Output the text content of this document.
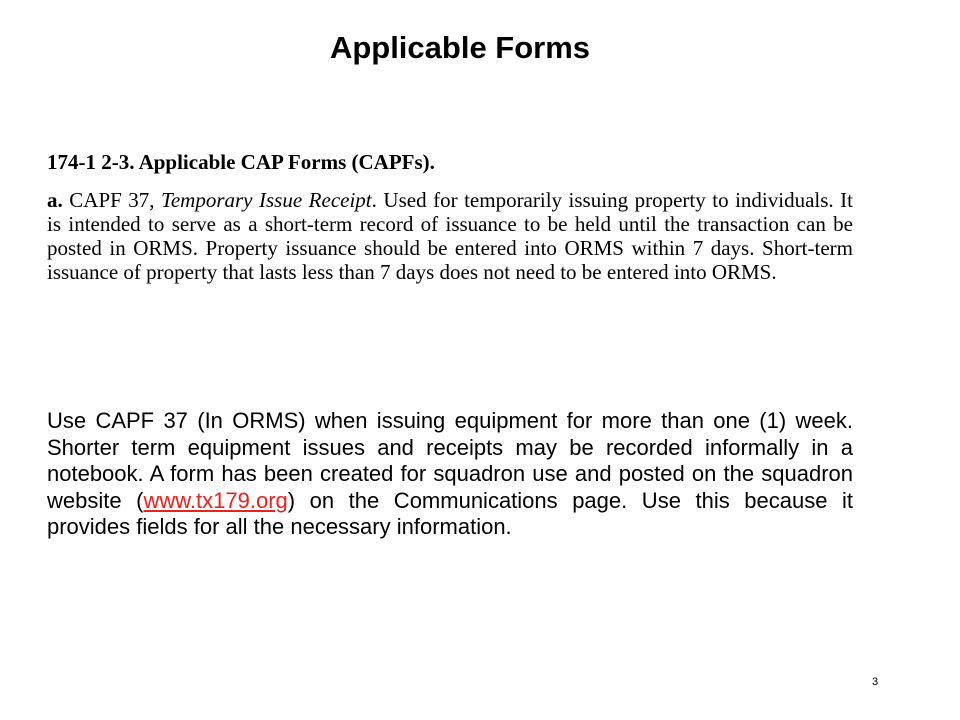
Applicable Forms

174-1 2-3. Applicable CAP Forms (CAPFs).

a. CAPF 37, Temporary Issue Receipt. Used for temporarily issuing property to individuals. It is intended to serve as a short-term record of issuance to be held until the transaction can be posted in ORMS. Property issuance should be entered into ORMS within 7 days. Short-term issuance of property that lasts less than 7 days does not need to be entered into ORMS.

Use CAPF 37 (In ORMS) when issuing equipment for more than one (1) week. Shorter term equipment issues and receipts may be recorded informally in a notebook. A form has been created for squadron use and posted on the squadron website (www.tx179.org) on the Communications page. Use this because it provides fields for all the necessary information.

3
